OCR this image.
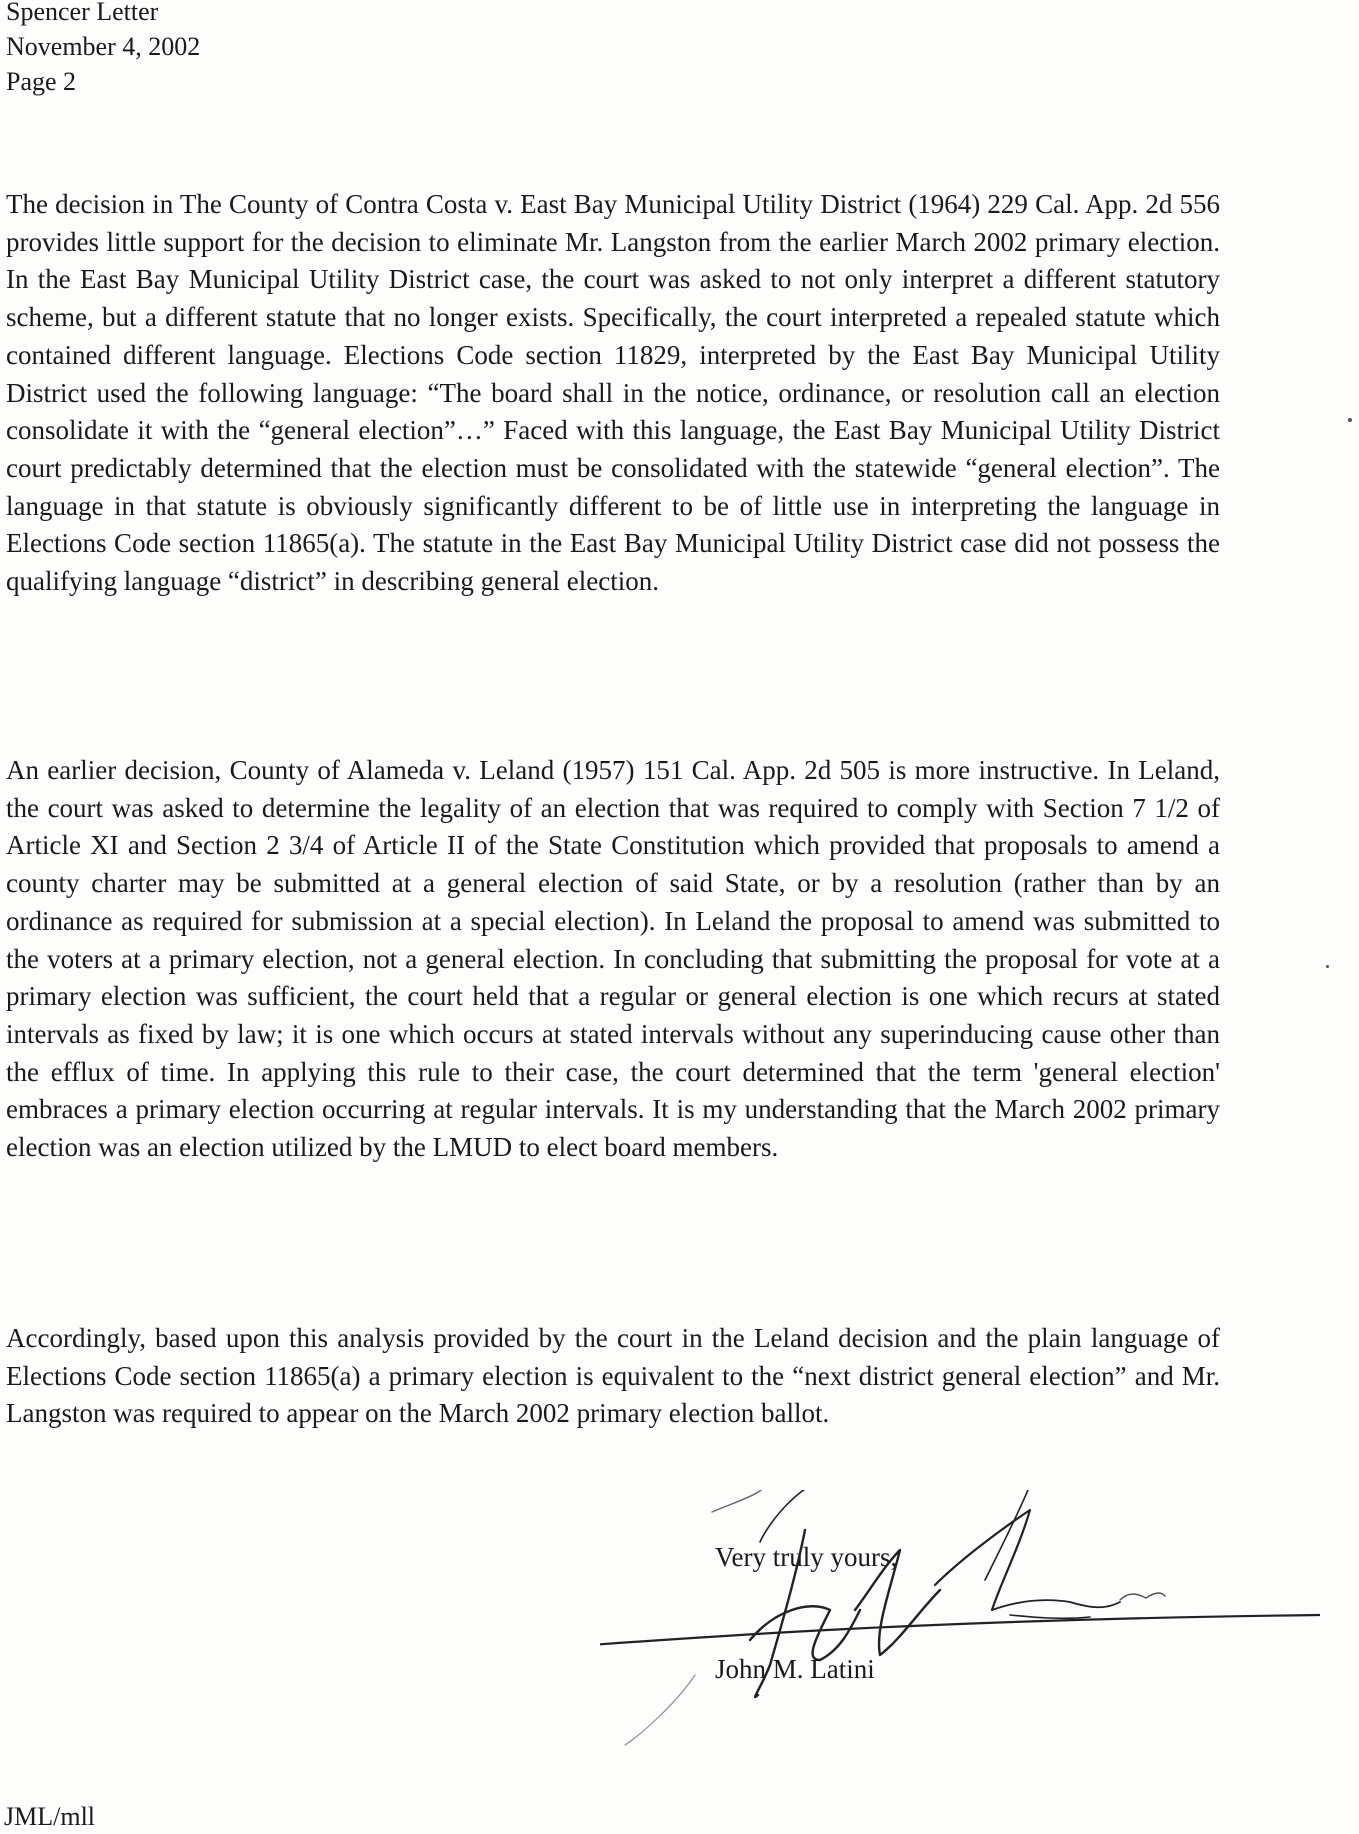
Spencer Letter
November 4, 2002
Page 2

The decision in The County of Contra Costa v. East Bay Municipal Utility District (1964) 229 Cal. App. 2d 556 provides little support for the decision to eliminate Mr. Langston from the earlier March 2002 primary election. In the East Bay Municipal Utility District case, the court was asked to not only interpret a different statutory scheme, but a different statute that no longer exists. Specifically, the court interpreted a repealed statute which contained different language. Elections Code section 11829, interpreted by the East Bay Municipal Utility District used the following language: “The board shall in the notice, ordinance, or resolution call an election consolidate it with the “general election”…” Faced with this language, the East Bay Municipal Utility District court predictably determined that the election must be consolidated with the statewide “general election”. The language in that statute is obviously significantly different to be of little use in interpreting the language in Elections Code section 11865(a). The statute in the East Bay Municipal Utility District case did not possess the qualifying language “district” in describing general election.

An earlier decision, County of Alameda v. Leland (1957) 151 Cal. App. 2d 505 is more instructive. In Leland, the court was asked to determine the legality of an election that was required to comply with Section 7 1/2 of Article XI and Section 2 3/4 of Article II of the State Constitution which provided that proposals to amend a county charter may be submitted at a general election of said State, or by a resolution (rather than by an ordinance as required for submission at a special election). In Leland the proposal to amend was submitted to the voters at a primary election, not a general election. In concluding that submitting the proposal for vote at a primary election was sufficient, the court held that a regular or general election is one which recurs at stated intervals as fixed by law; it is one which occurs at stated intervals without any superinducing cause other than the efflux of time. In applying this rule to their case, the court determined that the term 'general election' embraces a primary election occurring at regular intervals. It is my understanding that the March 2002 primary election was an election utilized by the LMUD to elect board members.

Accordingly, based upon this analysis provided by the court in the Leland decision and the plain language of Elections Code section 11865(a) a primary election is equivalent to the “next district general election” and Mr. Langston was required to appear on the March 2002 primary election ballot.

Very truly yours,
John M. Latini
JML/mll
